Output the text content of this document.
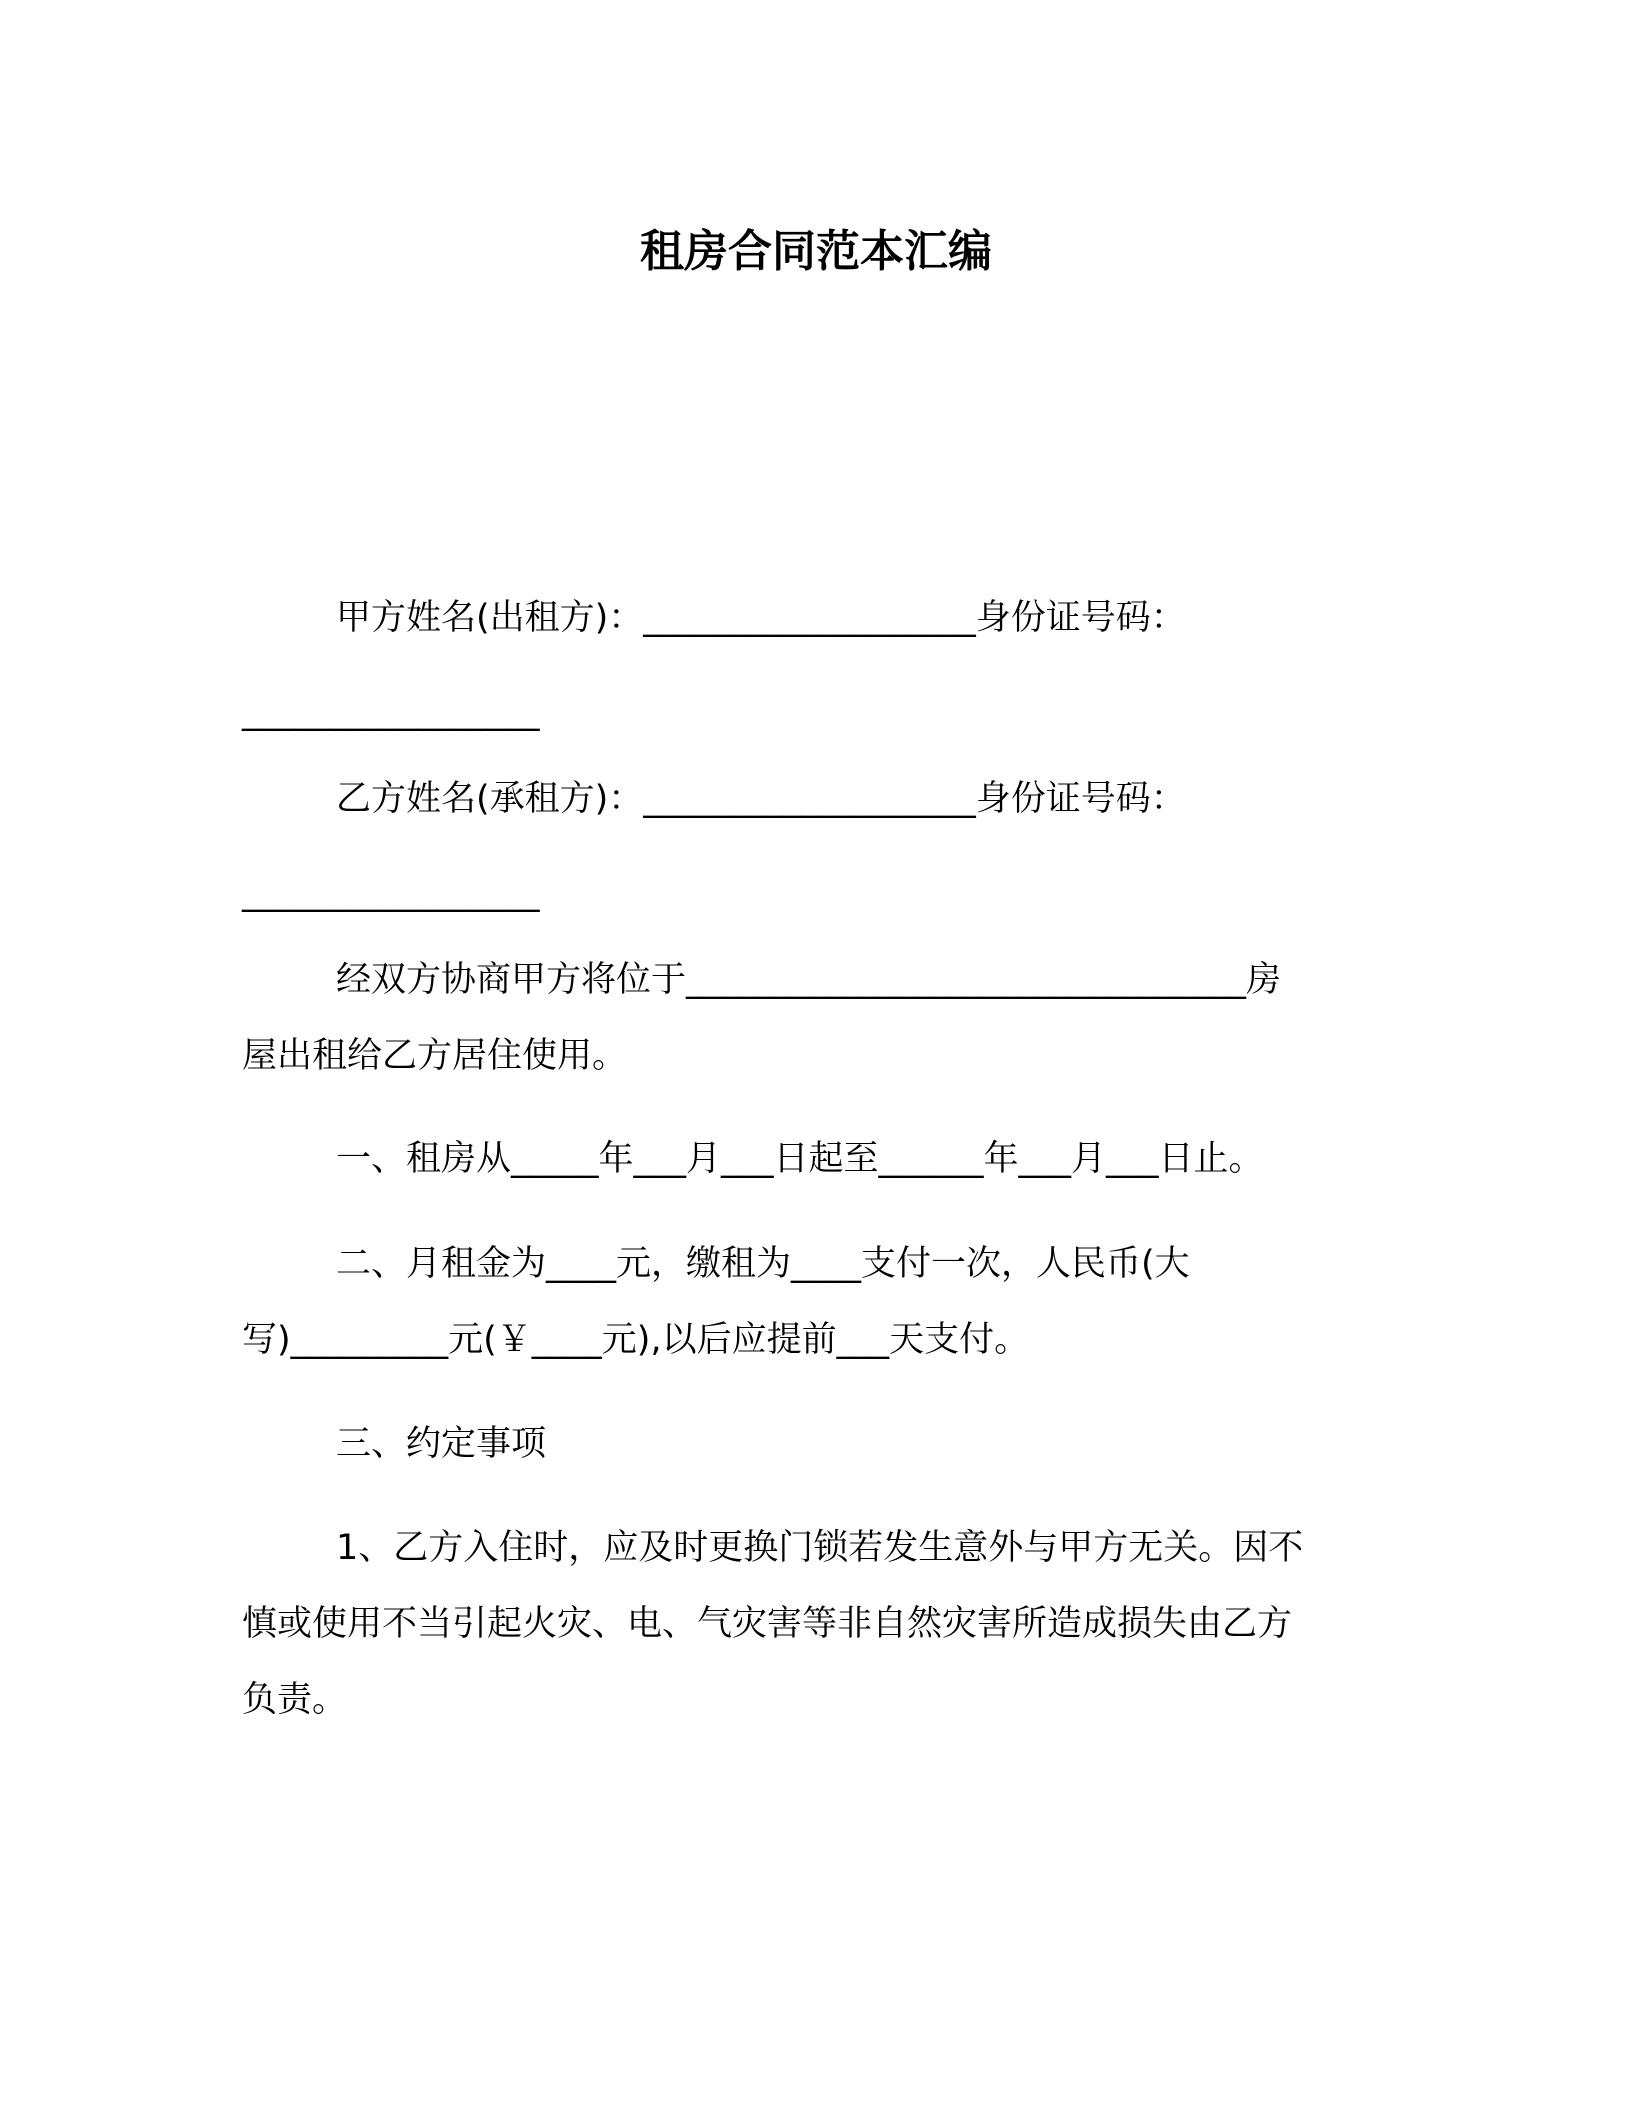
租房合同范本汇编
甲方姓名(出租方)：___________________身份证号码：
_________________
乙方姓名(承租方)：___________________身份证号码：
_________________
经双方协商甲方将位于________________________________房
屋出租给乙方居住使用。
一、租房从_____年___月___日起至______年___月___日止。
二、月租金为____元，缴租为____支付一次，人民币(大
写)_________元(￥____元),以后应提前___天支付。
三、约定事项
1、乙方入住时，应及时更换门锁若发生意外与甲方无关。因不
慎或使用不当引起火灾、电、气灾害等非自然灾害所造成损失由乙方
负责。
